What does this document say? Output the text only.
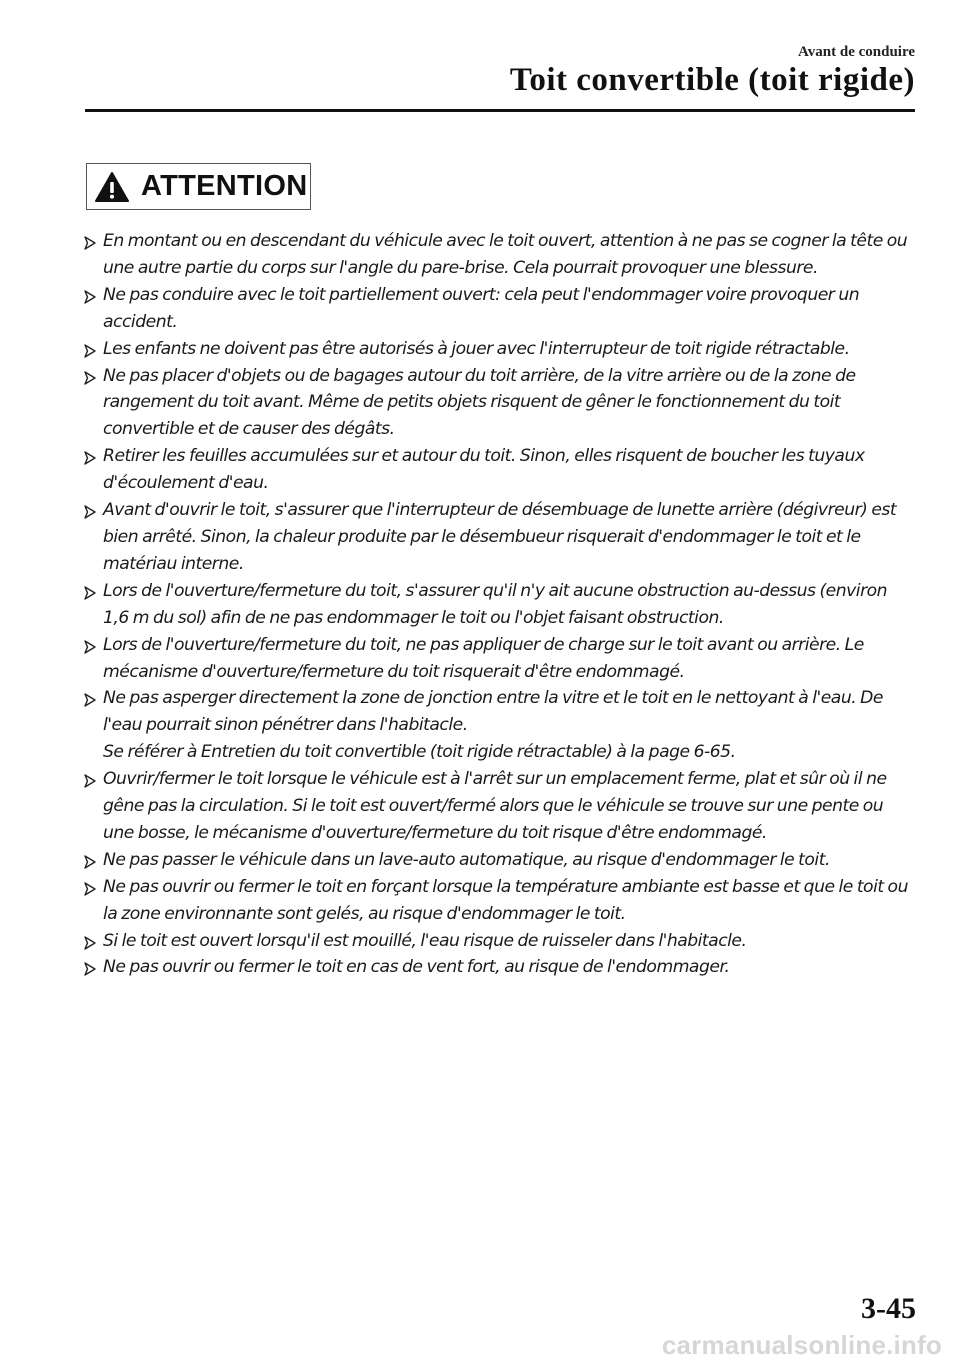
Avant de conduire
Toit convertible (toit rigide)
ATTENTION
En montant ou en descendant du véhicule avec le toit ouvert, attention à ne pas se cogner la tête ou une autre partie du corps sur l'angle du pare-brise. Cela pourrait provoquer une blessure.
Ne pas conduire avec le toit partiellement ouvert: cela peut l'endommager voire provoquer un accident.
Les enfants ne doivent pas être autorisés à jouer avec l'interrupteur de toit rigide rétractable.
Ne pas placer d'objets ou de bagages autour du toit arrière, de la vitre arrière ou de la zone de rangement du toit avant. Même de petits objets risquent de gêner le fonctionnement du toit convertible et de causer des dégâts.
Retirer les feuilles accumulées sur et autour du toit. Sinon, elles risquent de boucher les tuyaux d'écoulement d'eau.
Avant d'ouvrir le toit, s'assurer que l'interrupteur de désembuage de lunette arrière (dégivreur) est bien arrêté. Sinon, la chaleur produite par le désembueur risquerait d'endommager le toit et le matériau interne.
Lors de l'ouverture/fermeture du toit, s'assurer qu'il n'y ait aucune obstruction au-dessus (environ 1,6 m du sol) afin de ne pas endommager le toit ou l'objet faisant obstruction.
Lors de l'ouverture/fermeture du toit, ne pas appliquer de charge sur le toit avant ou arrière. Le mécanisme d'ouverture/fermeture du toit risquerait d'être endommagé.
Ne pas asperger directement la zone de jonction entre la vitre et le toit en le nettoyant à l'eau. De l'eau pourrait sinon pénétrer dans l'habitacle.
Se référer à Entretien du toit convertible (toit rigide rétractable) à la page 6-65.
Ouvrir/fermer le toit lorsque le véhicule est à l'arrêt sur un emplacement ferme, plat et sûr où il ne gêne pas la circulation. Si le toit est ouvert/fermé alors que le véhicule se trouve sur une pente ou une bosse, le mécanisme d'ouverture/fermeture du toit risque d'être endommagé.
Ne pas passer le véhicule dans un lave-auto automatique, au risque d'endommager le toit.
Ne pas ouvrir ou fermer le toit en forçant lorsque la température ambiante est basse et que le toit ou la zone environnante sont gelés, au risque d'endommager le toit.
Si le toit est ouvert lorsqu'il est mouillé, l'eau risque de ruisseler dans l'habitacle.
Ne pas ouvrir ou fermer le toit en cas de vent fort, au risque de l'endommager.
3-45
carmanualsonline.info
